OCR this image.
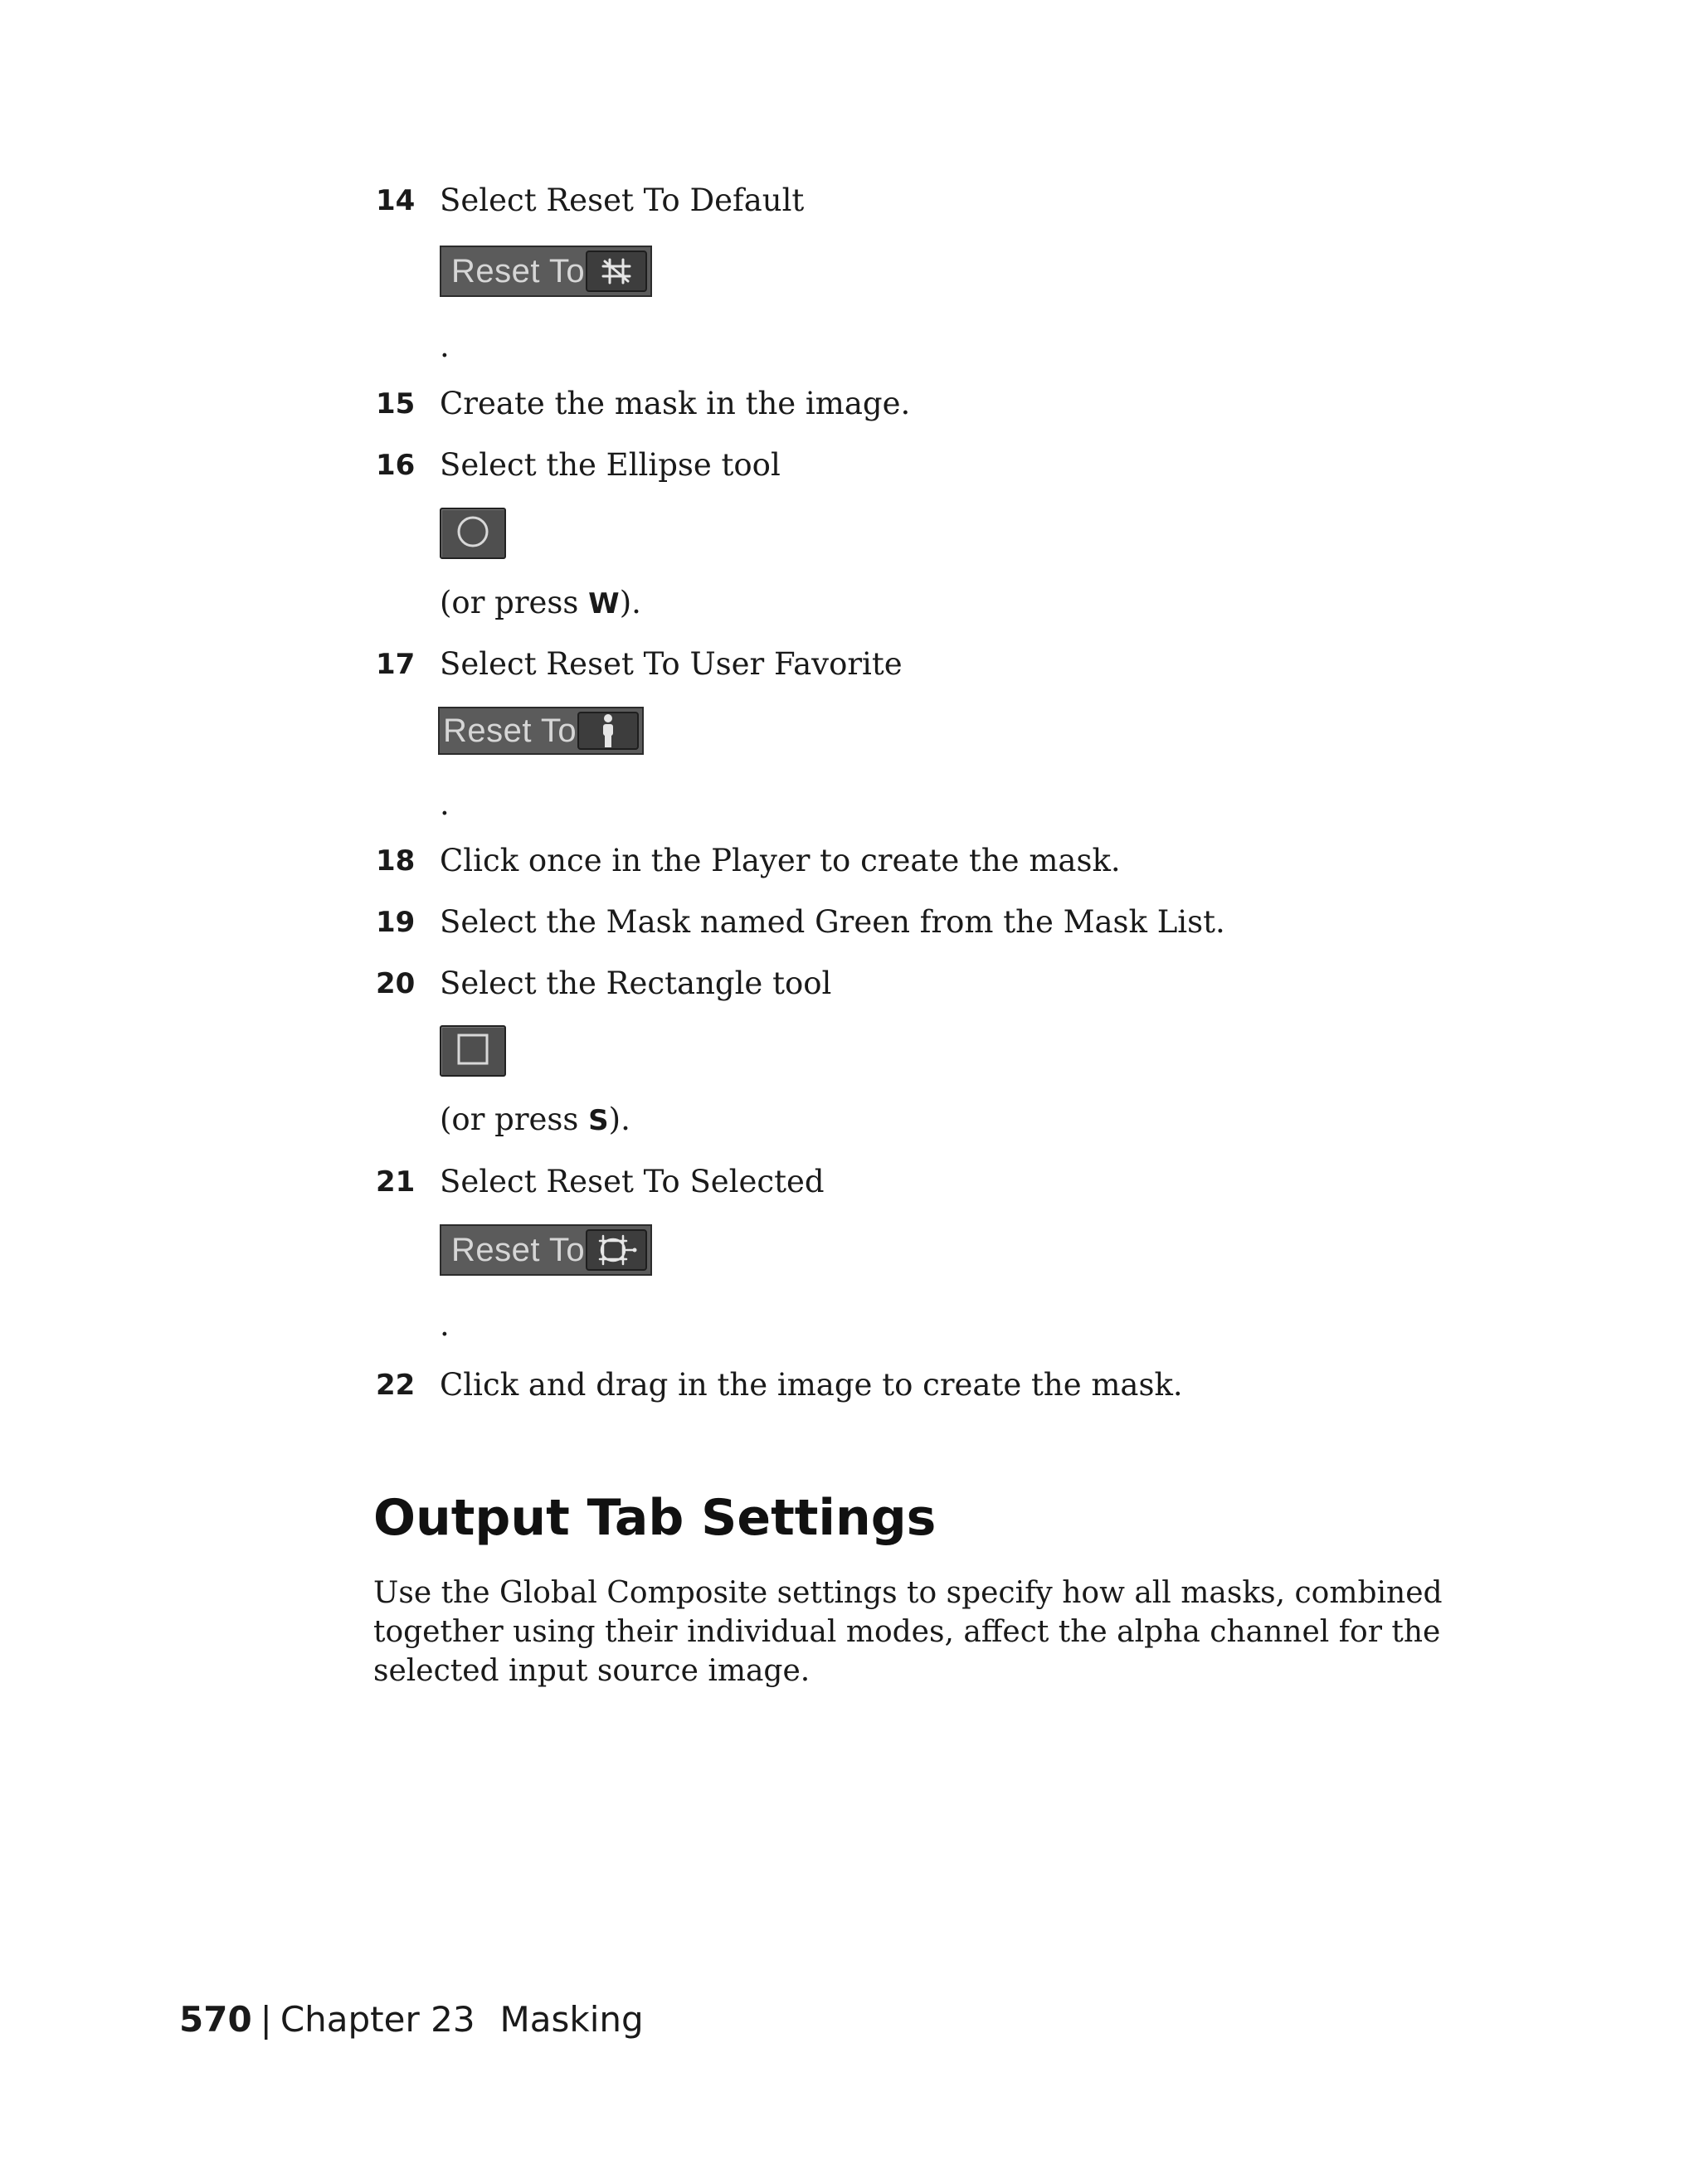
14 Select Reset To Default
Reset To
.
15 Create the mask in the image.
16 Select the Ellipse tool
(or press W).
17 Select Reset To User Favorite
Reset To
.
18 Click once in the Player to create the mask.
19 Select the Mask named Green from the Mask List.
20 Select the Rectangle tool
(or press S).
21 Select Reset To Selected
Reset To
.
22 Click and drag in the image to create the mask.
Output Tab Settings
Use the Global Composite settings to specify how all masks, combined together using their individual modes, affect the alpha channel for the selected input source image.
570 | Chapter 23 Masking
